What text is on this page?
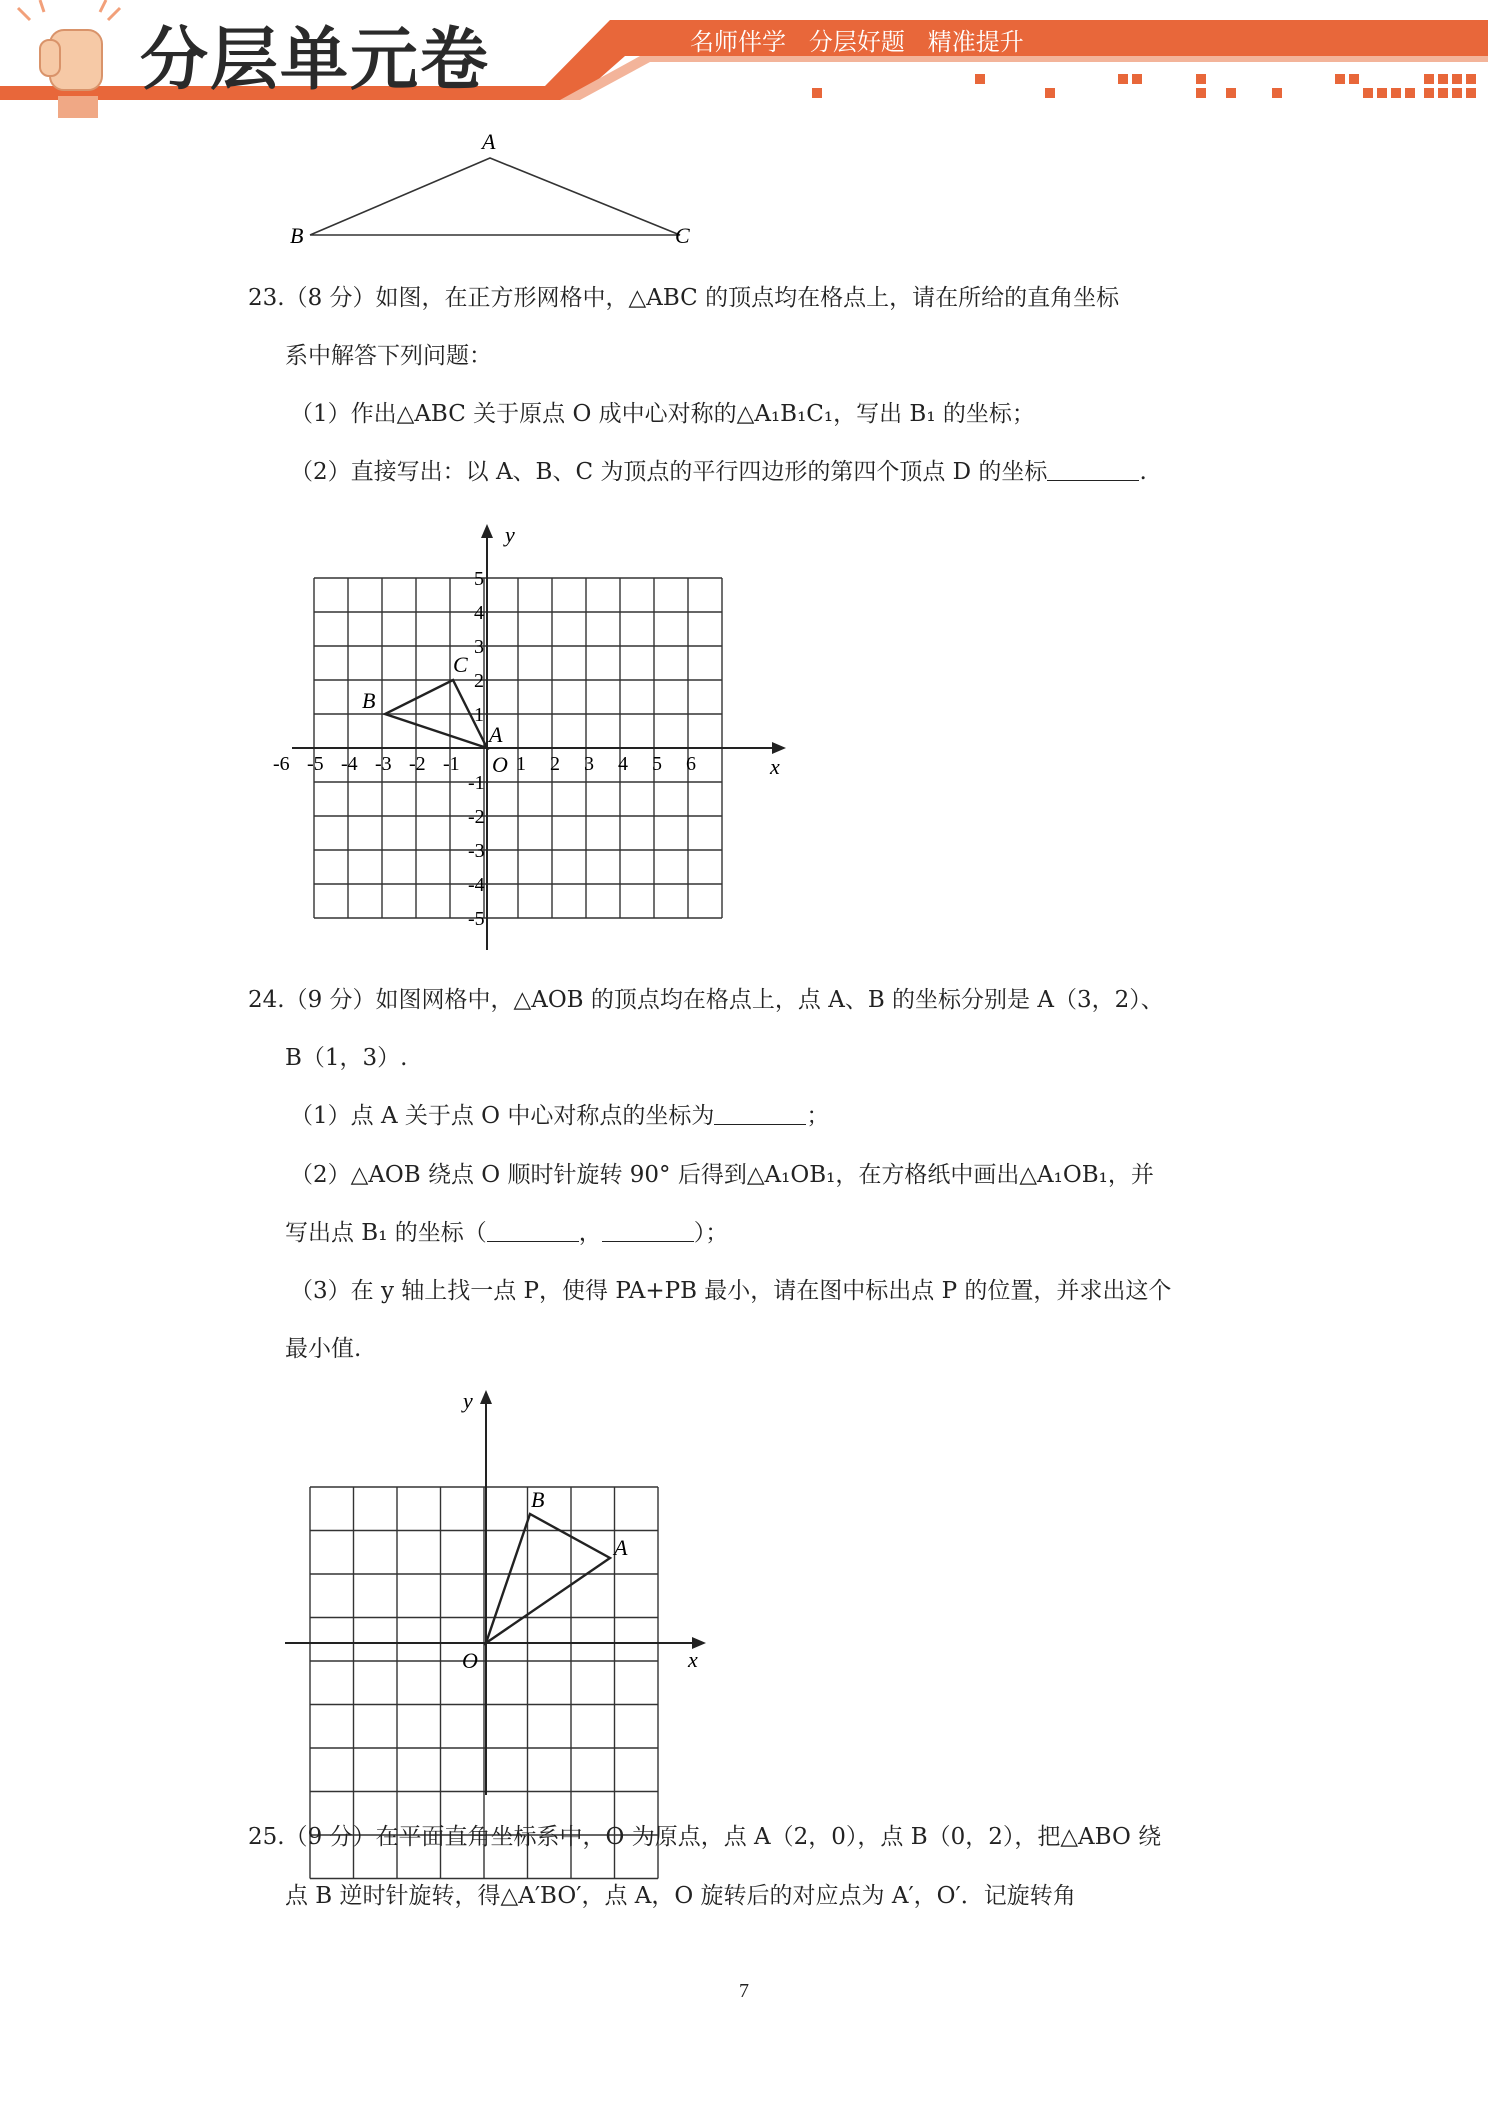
分层单元卷	名师伴学   分层好题   精准提升
A
B	C
23.（8 分）如图，在正方形网格中，△ABC 的顶点均在格点上，请在所给的直角坐标
系中解答下列问题：
（1）作出△ABC 关于原点 O 成中心对称的△A₁B₁C₁，写出 B₁ 的坐标；
（2）直接写出：以 A、B、C 为顶点的平行四边形的第四个顶点 D 的坐标	.
y
x
O
-6 -5 -4 -3 -2 -1	1 2 3 4 5 6
5
4
3
2
1
-1
-2
-3
-4
-5
A
B
C
24.（9 分）如图网格中，△AOB 的顶点均在格点上，点 A、B 的坐标分别是 A（3，2）、
B（1，3）.
（1）点 A 关于点 O 中心对称点的坐标为	；
（2）△AOB 绕点 O 顺时针旋转 90° 后得到△A₁OB₁，在方格纸中画出△A₁OB₁，并
写出点 B₁ 的坐标（	，	）；
（3）在 y 轴上找一点 P，使得 PA+PB 最小，请在图中标出点 P 的位置，并求出这个
最小值.
y
x
O
A
B
25.（9 分）在平面直角坐标系中，O 为原点，点 A（2，0），点 B（0，2），把△ABO 绕
点 B 逆时针旋转，得△A′BO′，点 A，O 旋转后的对应点为 A′，O′．记旋转角
7
